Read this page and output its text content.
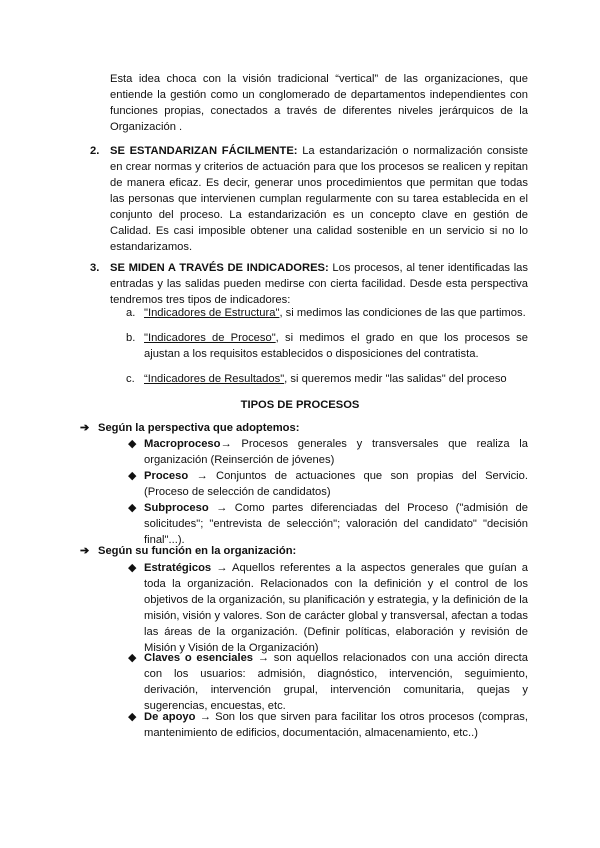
Esta idea choca con la visión tradicional “vertical” de las organizaciones, que entiende la gestión como un conglomerado de departamentos independientes con funciones propias, conectados a través de diferentes niveles jerárquicos de la Organización .

2. SE ESTANDARIZAN FÁCILMENTE: La estandarización o normalización consiste en crear normas y criterios de actuación para que los procesos se realicen y repitan de manera eficaz. Es decir, generar unos procedimientos que permitan que todas las personas que intervienen cumplan regularmente con su tarea establecida en el conjunto del proceso. La estandarización es un concepto clave en gestión de Calidad. Es casi imposible obtener una calidad sostenible en un servicio si no lo estandarizamos.

3. SE MIDEN A TRAVÉS DE INDICADORES: Los procesos, al tener identificadas las entradas y las salidas pueden medirse con cierta facilidad. Desde esta perspectiva tendremos tres tipos de indicadores:

a. "Indicadores de Estructura", si medimos las condiciones de las que partimos.

b. "Indicadores de Proceso", si medimos el grado en que los procesos se ajustan a los requisitos establecidos o disposiciones del contratista.

c. “Indicadores de Resultados", si queremos medir "las salidas" del proceso

TIPOS DE PROCESOS
➔ Según la perspectiva que adoptemos:
◆ Macroproceso→ Procesos generales y transversales que realiza la organización (Reinserción de jóvenes)

◆ Proceso → Conjuntos de actuaciones que son propias del Servicio. (Proceso de selección de candidatos)

◆ Subproceso → Como partes diferenciadas del Proceso ("admisión de solicitudes"; "entrevista de selección"; valoración del candidato" "decisión final"...).

➔ Según su función en la organización:
◆ Estratégicos → Aquellos referentes a la aspectos generales que guían a toda la organización. Relacionados con la definición y el control de los objetivos de la organización, su planificación y estrategia, y la definición de la misión, visión y valores. Son de carácter global y transversal, afectan a todas las áreas de la organización. (Definir políticas, elaboración y revisión de Misión y Visión de la Organización)

◆ Claves o esenciales → son aquellos relacionados con una acción directa con los usuarios: admisión, diagnóstico, intervención, seguimiento, derivación, intervención grupal, intervención comunitaria, quejas y sugerencias, encuestas, etc.

◆ De apoyo → Son los que sirven para facilitar los otros procesos (compras, mantenimiento de edificios, documentación, almacenamiento, etc..)
